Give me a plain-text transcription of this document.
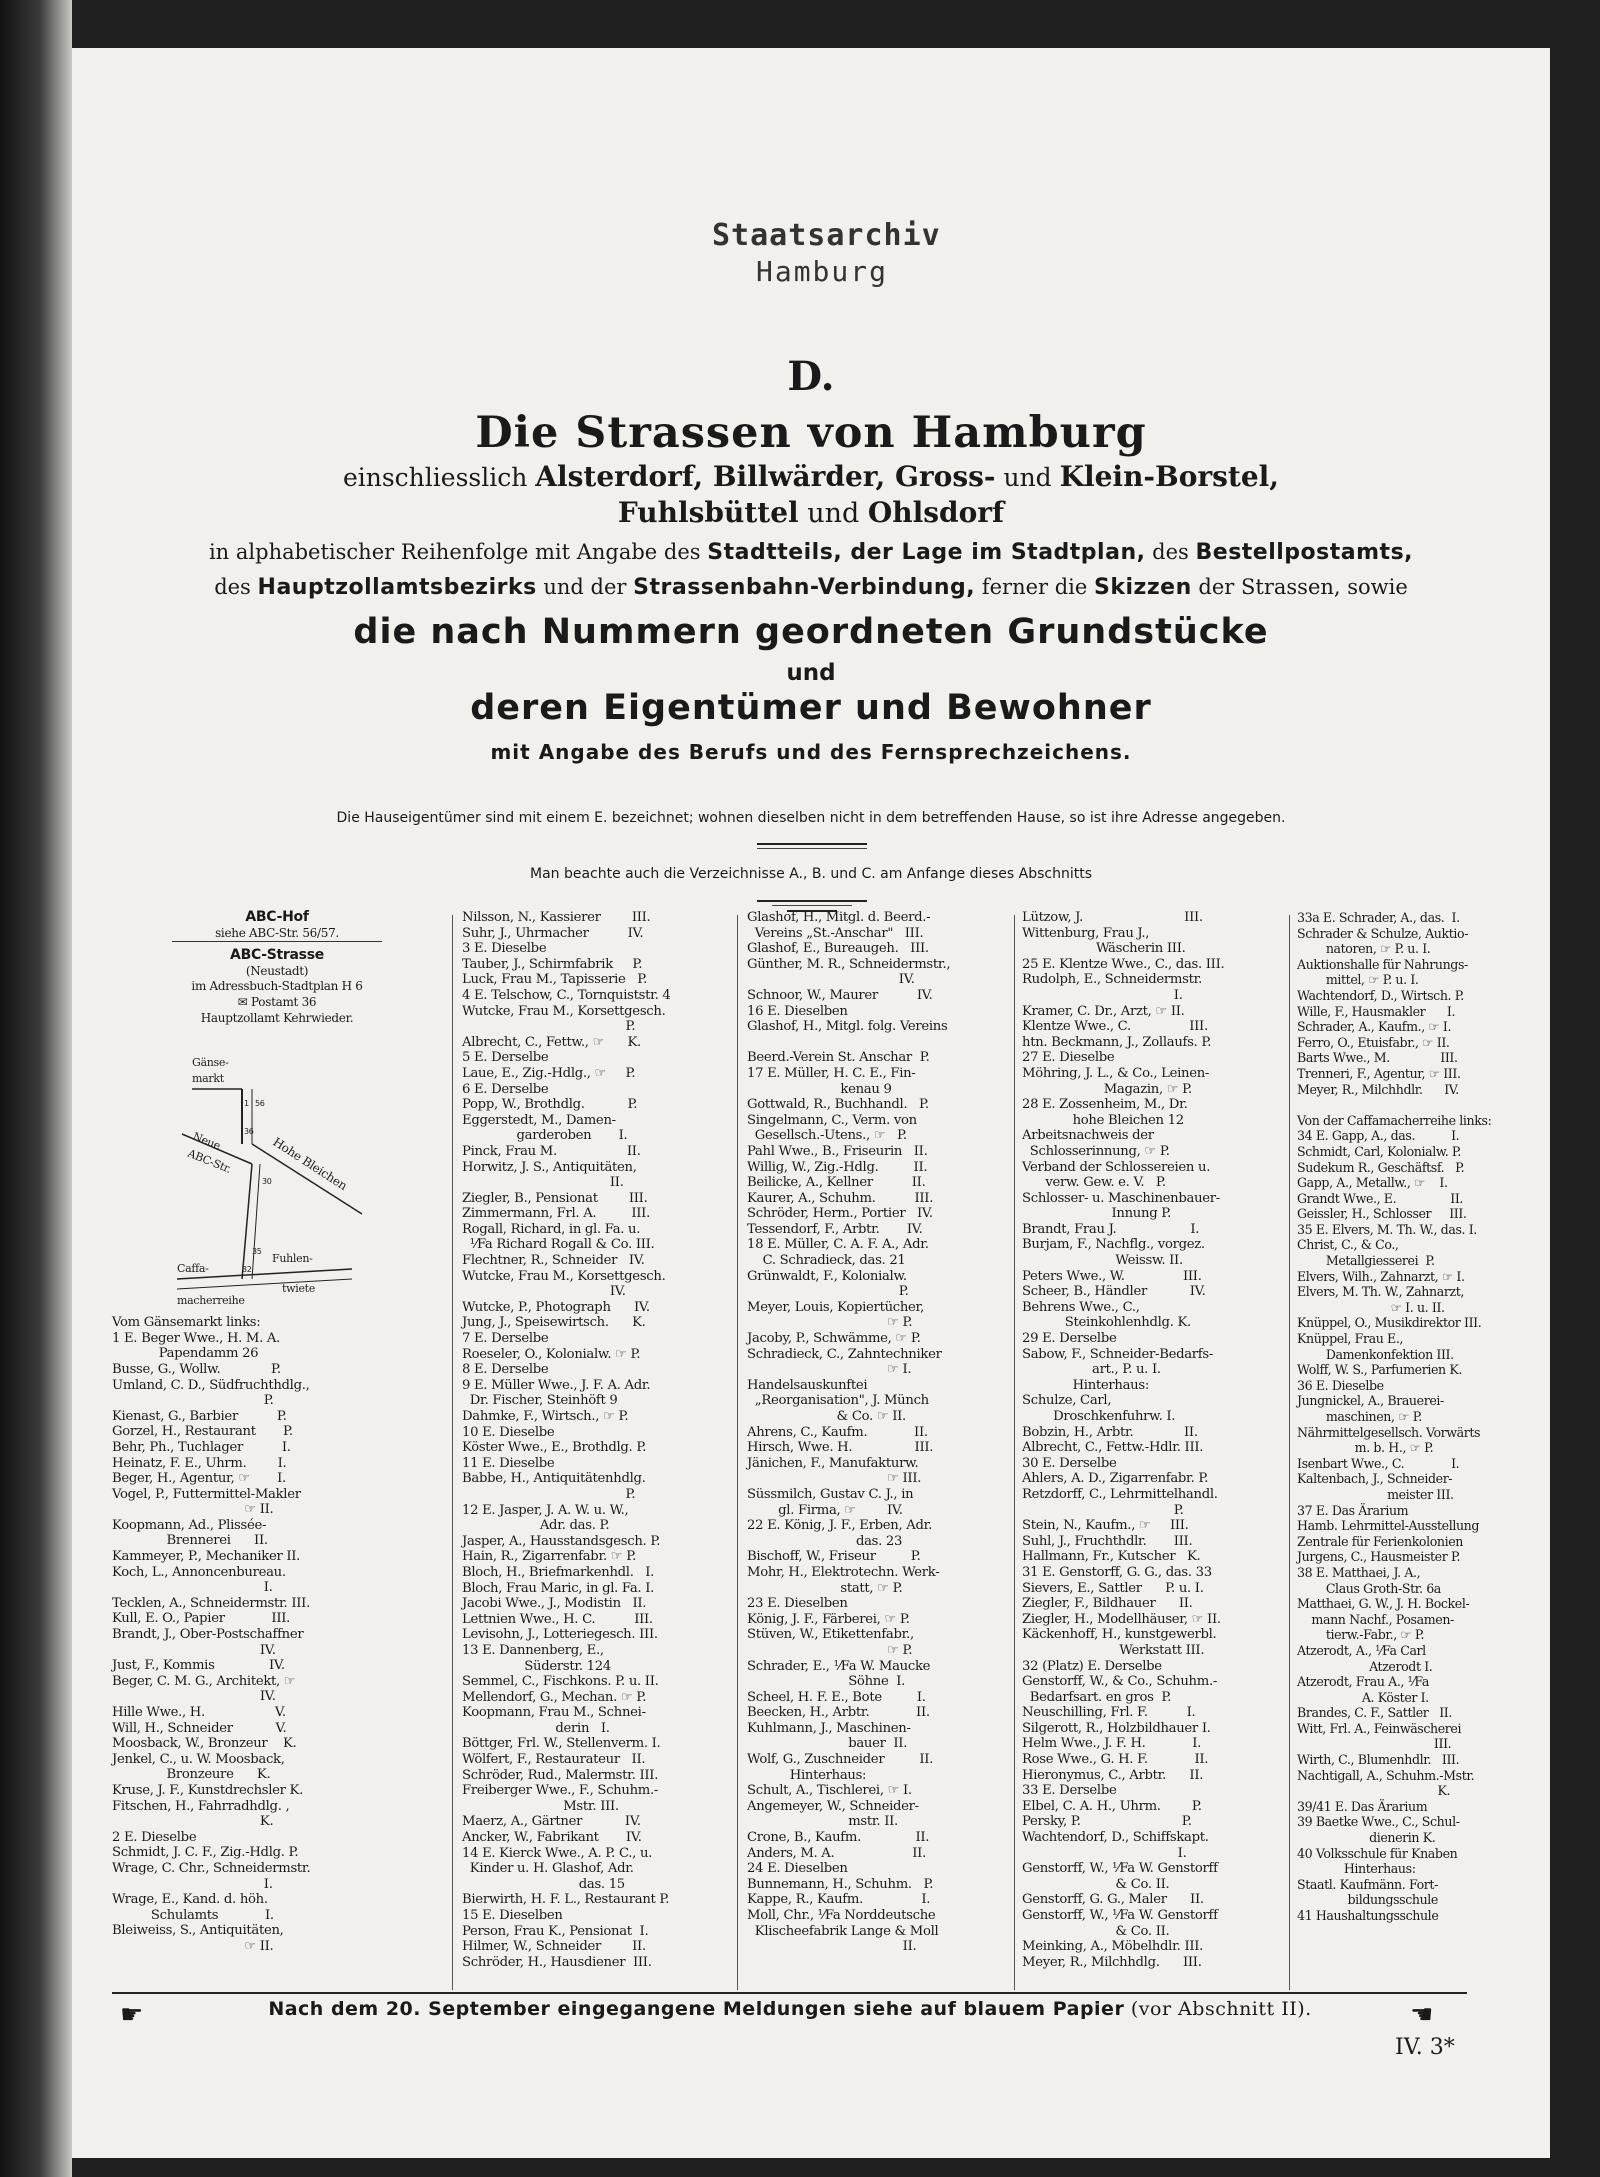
Staatsarchiv
Hamburg
D.
Die Strassen von Hamburg
einschliesslich Alsterdorf, Billwärder, Gross- und Klein-Borstel,
Fuhlsbüttel und Ohlsdorf
in alphabetischer Reihenfolge mit Angabe des Stadtteils, der Lage im Stadtplan, des Bestellpostamts,
des Hauptzollamtsbezirks und der Strassenbahn-Verbindung, ferner die Skizzen der Strassen, sowie
die nach Nummern geordneten Grundstücke
und
deren Eigentümer und Bewohner
mit Angabe des Berufs und des Fernsprechzeichens.
Die Hauseigentümer sind mit einem E. bezeichnet; wohnen dieselben nicht in dem betreffenden Hause, so ist ihre Adresse angegeben.
Man beachte auch die Verzeichnisse A., B. und C. am Anfange dieses Abschnitts
ABC-Hof
siehe ABC-Str. 56/57.
ABC-Strasse
(Neustadt)
im Adressbuch-Stadtplan H 6
✉ Postamt 36
Hauptzollamt Kehrwieder.
Gänse-
markt
Neue
ABC-Str.	Hohe Bleichen
Caffa-
macherreihe
Fuhlen-
twiete
1 56
36
30
35
32
Vom Gänsemarkt links:
1 E. Beger Wwe., H. M. A.
Papendamm 26
Busse, G., Wollw.             P.
Umland, C. D., Südfruchthdlg.,
P.
Kienast, G., Barbier          P.
Gorzel, H., Restaurant       P.
Behr, Ph., Tuchlager          I.
Heinatz, F. E., Uhrm.        I.
Beger, H., Agentur, ☞       I.
Vogel, P., Futtermittel-Makler
☞ II.
Koopmann, Ad., Plissée-
Brennerei      II.
Kammeyer, P., Mechaniker II.
Koch, L., Annoncenbureau.
I.
Tecklen, A., Schneidermstr. III.
Kull, E. O., Papier            III.
Brandt, J., Ober-Postschaffner
IV.
Just, F., Kommis              IV.
Beger, C. M. G., Architekt, ☞
IV.
Hille Wwe., H.                  V.
Will, H., Schneider           V.
Moosback, W., Bronzeur    K.
Jenkel, C., u. W. Moosback,
Bronzeure      K.
Kruse, J. F., Kunstdrechsler K.
Fitschen, H., Fahrradhdlg. ,
K.
2 E. Dieselbe
Schmidt, J. C. F., Zig.-Hdlg. P.
Wrage, C. Chr., Schneidermstr.
I.
Wrage, E., Kand. d. höh.
Schulamts            I.
Bleiweiss, S., Antiquitäten,
☞ II.
Nilsson, N., Kassierer        III.
Suhr, J., Uhrmacher          IV.
3 E. Dieselbe
Tauber, J., Schirmfabrik     P.
Luck, Frau M., Tapisserie   P.
4 E. Telschow, C., Tornquiststr. 4
Wutcke, Frau M., Korsettgesch.
P.
Albrecht, C., Fettw., ☞      K.
5 E. Derselbe
Laue, E., Zig.-Hdlg., ☞     P.
6 E. Derselbe
Popp, W., Brothdlg.           P.
Eggerstedt, M., Damen-
garderoben       I.
Pinck, Frau M.                  II.
Horwitz, J. S., Antiquitäten,
II.
Ziegler, B., Pensionat        III.
Zimmermann, Frl. A.         III.
Rogall, Richard, in gl. Fa. u.
⅟Fa Richard Rogall & Co. III.
Flechtner, R., Schneider   IV.
Wutcke, Frau M., Korsettgesch.
IV.
Wutcke, P., Photograph      IV.
Jung, J., Speisewirtsch.      K.
7 E. Derselbe
Roeseler, O., Kolonialw. ☞ P.
8 E. Derselbe
9 E. Müller Wwe., J. F. A. Adr.
Dr. Fischer, Steinhöft 9
Dahmke, F., Wirtsch., ☞ P.
10 E. Dieselbe
Köster Wwe., E., Brothdlg. P.
11 E. Dieselbe
Babbe, H., Antiquitätenhdlg.
P.
12 E. Jasper, J. A. W. u. W.,
Adr. das. P.
Jasper, A., Hausstandsgesch. P.
Hain, R., Zigarrenfabr. ☞ P.
Bloch, H., Briefmarkenhdl.   I.
Bloch, Frau Maric, in gl. Fa. I.
Jacobi Wwe., J., Modistin   II.
Lettnien Wwe., H. C.          III.
Levisohn, J., Lotteriegesch. III.
13 E. Dannenberg, E.,
Süderstr. 124
Semmel, C., Fischkons. P. u. II.
Mellendorf, G., Mechan. ☞ P.
Koopmann, Frau M., Schnei-
derin   I.
Böttger, Frl. W., Stellenverm. I.
Wölfert, F., Restaurateur   II.
Schröder, Rud., Malermstr. III.
Freiberger Wwe., F., Schuhm.-
Mstr. III.
Maerz, A., Gärtner           IV.
Ancker, W., Fabrikant       IV.
14 E. Kierck Wwe., A. P. C., u.
Kinder u. H. Glashof, Adr.
das. 15
Bierwirth, H. F. L., Restaurant P.
15 E. Dieselben
Person, Frau K., Pensionat  I.
Hilmer, W., Schneider        II.
Schröder, H., Hausdiener  III.
Glashof, H., Mitgl. d. Beerd.-
Vereins „St.-Anschar"   III.
Glashof, E., Bureaugeh.   III.
Günther, M. R., Schneidermstr.,
IV.
Schnoor, W., Maurer          IV.
16 E. Dieselben
Glashof, H., Mitgl. folg. Vereins

Beerd.-Verein St. Anschar  P.
17 E. Müller, H. C. E., Fin-
kenau 9
Gottwald, R., Buchhandl.   P.
Singelmann, C., Verm. von
Gesellsch.-Utens., ☞   P.
Pahl Wwe., B., Friseurin   II.
Willig, W., Zig.-Hdlg.         II.
Beilicke, A., Kellner          II.
Kaurer, A., Schuhm.          III.
Schröder, Herm., Portier   IV.
Tessendorf, F., Arbtr.       IV.
18 E. Müller, C. A. F. A., Adr.
C. Schradieck, das. 21
Grünwaldt, F., Kolonialw.
P.
Meyer, Louis, Kopiertücher,
☞ P.
Jacoby, P., Schwämme, ☞ P.
Schradieck, C., Zahntechniker
☞ I.
Handelsauskunftei
„Reorganisation", J. Münch
& Co. ☞ II.
Ahrens, C., Kaufm.            II.
Hirsch, Wwe. H.                III.
Jänichen, F., Manufakturw.
☞ III.
Süssmilch, Gustav C. J., in
gl. Firma, ☞        IV.
22 E. König, J. F., Erben, Adr.
das. 23
Bischoff, W., Friseur         P.
Mohr, H., Elektrotechn. Werk-
statt, ☞ P.
23 E. Dieselben
König, J. F., Färberei, ☞ P.
Stüven, W., Etikettenfabr.,
☞ P.
Schrader, E., ⅟Fa W. Maucke
Söhne  I.
Scheel, H. F. E., Bote         I.
Beecken, H., Arbtr.            II.
Kuhlmann, J., Maschinen-
bauer  II.
Wolf, G., Zuschneider         II.
Hinterhaus:
Schult, A., Tischlerei, ☞ I.
Angemeyer, W., Schneider-
mstr. II.
Crone, B., Kaufm.              II.
Anders, M. A.                    II.
24 E. Dieselben
Bunnemann, H., Schuhm.   P.
Kappe, R., Kaufm.               I.
Moll, Chr., ⅟Fa Norddeutsche
Klischeefabrik Lange & Moll
II.
Lützow, J.                          III.
Wittenburg, Frau J.,
Wäscherin III.
25 E. Klentze Wwe., C., das. III.
Rudolph, E., Schneidermstr.
I.
Kramer, C. Dr., Arzt, ☞ II.
Klentze Wwe., C.               III.
htn. Beckmann, J., Zollaufs. P.
27 E. Dieselbe
Möhring, J. L., & Co., Leinen-
Magazin, ☞ P.
28 E. Zossenheim, M., Dr.
hohe Bleichen 12
Arbeitsnachweis der
Schlosserinnung, ☞ P.
Verband der Schlossereien u.
verw. Gew. e. V.   P.
Schlosser- u. Maschinenbauer-
Innung P.
Brandt, Frau J.                   I.
Burjam, F., Nachflg., vorgez.
Weissw. II.
Peters Wwe., W.               III.
Scheer, B., Händler           IV.
Behrens Wwe., C.,
Steinkohlenhdlg. K.
29 E. Derselbe
Sabow, F., Schneider-Bedarfs-
art., P. u. I.
Hinterhaus:
Schulze, Carl,
Droschkenfuhrw. I.
Bobzin, H., Arbtr.             II.
Albrecht, C., Fettw.-Hdlr. III.
30 E. Derselbe
Ahlers, A. D., Zigarrenfabr. P.
Retzdorff, C., Lehrmittelhandl.
P.
Stein, N., Kaufm., ☞     III.
Suhl, J., Fruchthdlr.       III.
Hallmann, Fr., Kutscher   K.
31 E. Genstorff, G. G., das. 33
Sievers, E., Sattler      P. u. I.
Ziegler, F., Bildhauer      II.
Ziegler, H., Modellhäuser, ☞ II.
Käckenhoff, H., kunstgewerbl.
Werkstatt III.
32 (Platz) E. Derselbe
Genstorff, W., & Co., Schuhm.-
Bedarfsart. en gros  P.
Neuschilling, Frl. F.          I.
Silgerott, R., Holzbildhauer I.
Helm Wwe., J. F. H.            I.
Rose Wwe., G. H. F.            II.
Hieronymus, C., Arbtr.      II.
33 E. Derselbe
Elbel, C. A. H., Uhrm.        P.
Persky, P.                          P.
Wachtendorf, D., Schiffskapt.
I.
Genstorff, W., ⅟Fa W. Genstorff
& Co. II.
Genstorff, G. G., Maler      II.
Genstorff, W., ⅟Fa W. Genstorff
& Co. II.
Meinking, A., Möbelhdlr. III.
Meyer, R., Milchhdlg.      III.
33a E. Schrader, A., das.  I.
Schrader & Schulze, Auktio-
natoren, ☞ P. u. I.
Auktionshalle für Nahrungs-
mittel, ☞ P. u. I.
Wachtendorf, D., Wirtsch. P.
Wille, F., Hausmakler      I.
Schrader, A., Kaufm., ☞ I.
Ferro, O., Etuisfabr., ☞ II.
Barts Wwe., M.              III.
Trenneri, F., Agentur, ☞ III.
Meyer, R., Milchhdlr.      IV.

Von der Caffamacherreihe links:
34 E. Gapp, A., das.          I.
Schmidt, Carl, Kolonialw. P.
Sudekum R., Geschäftsf.   P.
Gapp, A., Metallw., ☞    I.
Grandt Wwe., E.               II.
Geissler, H., Schlosser     III.
35 E. Elvers, M. Th. W., das. I.
Christ, C., & Co.,
Metallgiesserei  P.
Elvers, Wilh., Zahnarzt, ☞ I.
Elvers, M. Th. W., Zahnarzt,
☞ I. u. II.
Knüppel, O., Musikdirektor III.
Knüppel, Frau E.,
Damenkonfektion III.
Wolff, W. S., Parfumerien K.
36 E. Dieselbe
Jungnickel, A., Brauerei-
maschinen, ☞ P.
Nährmittelgesellsch. Vorwärts
m. b. H., ☞ P.
Isenbart Wwe., C.             I.
Kaltenbach, J., Schneider-
meister III.
37 E. Das Ärarium
Hamb. Lehrmittel-Ausstellung
Zentrale für Ferienkolonien
Jurgens, C., Hausmeister P.
38 E. Matthaei, J. A.,
Claus Groth-Str. 6a
Matthaei, G. W., J. H. Bockel-
mann Nachf., Posamen-
tierw.-Fabr., ☞ P.
Atzerodt, A., ⅟Fa Carl
Atzerodt I.
Atzerodt, Frau A., ⅟Fa
A. Köster I.
Brandes, C. F., Sattler   II.
Witt, Frl. A., Feinwäscherei
III.
Wirth, C., Blumenhdlr.   III.
Nachtigall, A., Schuhm.-Mstr.
K.
39/41 E. Das Ärarium
39 Baetke Wwe., C., Schul-
dienerin K.
40 Volksschule für Knaben
Hinterhaus:
Staatl. Kaufmänn. Fort-
bildungsschule
41 Haushaltungsschule
☛	Nach dem 20. September eingegangene Meldungen siehe auf blauem Papier (vor Abschnitt II).	☛
IV. 3*
